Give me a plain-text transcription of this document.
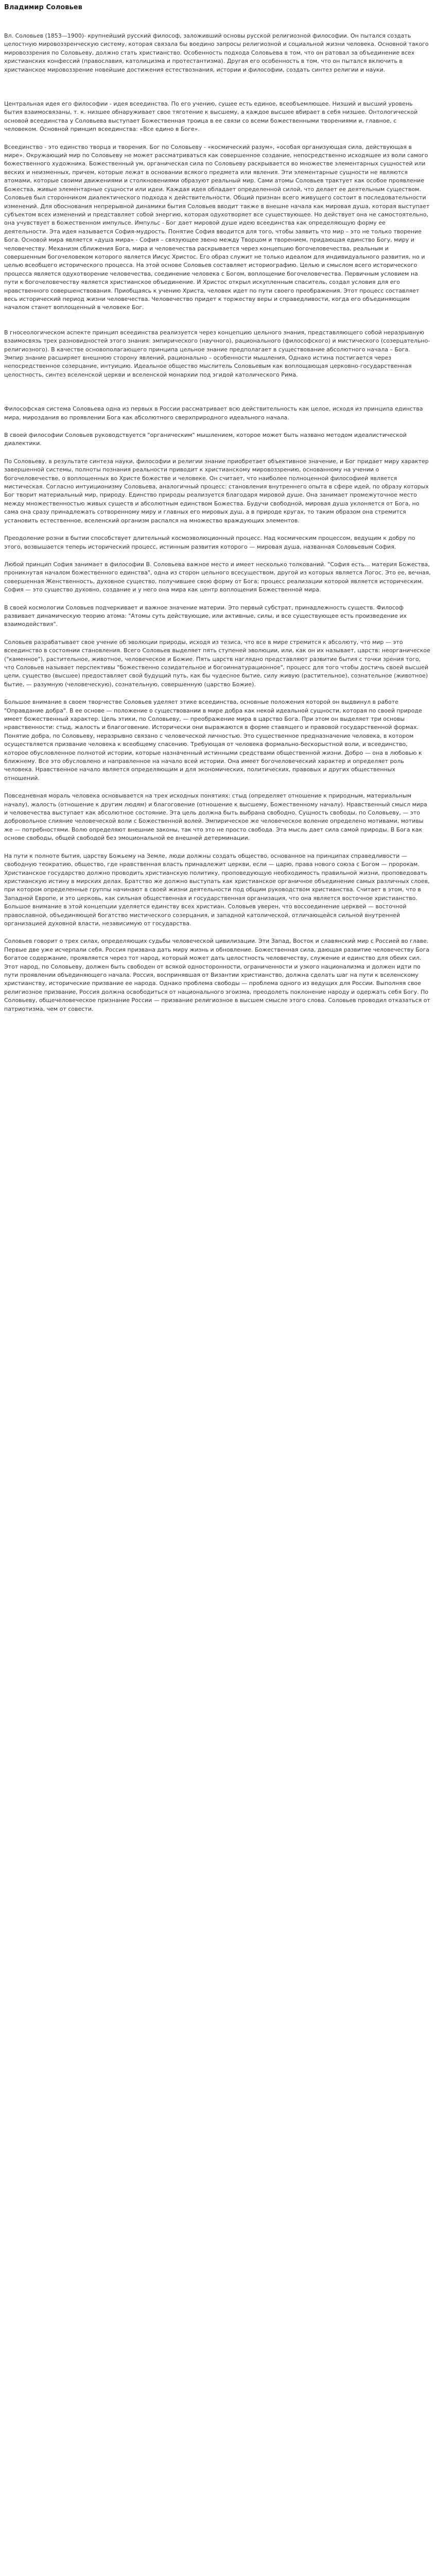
Владимир Соловьев

Вл. Соловьев (1853—1900)- крупнейший русский философ, заложивший основы русской религиозной философии. Он пытался создать целостную мировоззренческую систему, которая связала бы воедино запросы религиозной и социальной жизни человека. Основной такого мировоззрения по Соловьеву, должно стать христианство. Особенность подхода Соловьева в том, что он ратовал за объединение всех христианских конфессий (православия, католицизма и протестантизма). Другая его особенность в том, что он пытался включить в христианское мировоззрение новейшие достижения естествознания, истории и философии, создать синтез религии и науки.

Центральная идея его философии - идея всеединства. По его учению, сущее есть единое, всеобъемлющее. Низший и высший уровень бытия взаимосвязаны, т. к. низшее обнаруживает свое тяготение к высшему, а каждое высшее вбирает в себя низшее. Онтологической основой всеединства у Соловьева выступает Божественная троица в ее связи со всеми божественными творениями и, главное, с человеком. Основной принцип всеединства: «Все едино в Боге».

Всеединство - это единство творца и творения. Бог по Соловьеву - «космический разум», «особая организующая сила, действующая в мире». Окружающий мир по Соловьеву не может рассматриваться как совершенное создание, непосредственно исходящее из воли самого божественного художника. Божественный ум, органическая сила по Соловьеву раскрывается во множестве элементарных сущностей или веских и неизменных, причем, которые лежат в основании всякого предмета или явления. Эти элементарные сущности не являются атомами, которые своими движениями и столкновениями образуют реальный мир. Сами атомы Соловьев трактует как особое проявление Божества, живые элементарные сущности или идеи. Каждая идея обладает определенной силой, что делает ее деятельным существом. Соловьев был сторонником диалектического подхода к действительности. Общий признан всего живущего состоит в последовательности изменений. Для обоснования непрерывной динамики бытия Соловьев вводит также в внешне начала как мировая душа, которая выступает субъектом всех изменений и представляет собой энергию, которая одухотворяет все существующее. Но действует она не самостоятельно, она учувствует в божественном импульсе. Импульс - Бог дает мировой душе идею всеединства как определяющую форму ее деятельности. Эта идея называется София-мудрость. Понятие София вводится для того, чтобы заявить что мир – это не только творение Бога. Основой мира является «душа мира» - София – связующее звено между Творцом и творением, придающая единство Богу, миру и человечеству. Механизм сближения Бога, мира и человечества раскрывается через концепцию богочеловечества, реальным и совершенным богочеловеком которого является Иисус Христос. Его образ служит не только идеалом для индивидуального развития, но и целью всеобщего исторического процесса. На этой основе Соловьев составляет историографию. Целью и смыслом всего исторического процесса является одухотворение человечества, соединение человека с Богом, воплощение богочеловечества. Первичным условием на пути к богочеловечеству является христианское объединение. И Христос открыл искупленным спаситель, создал условия для его нравственного совершенствования. Приобщаясь к учению Христа, человек идет по пути своего преображения. Этот процесс составляет весь исторический период жизни человечества. Человечество придет к торжеству веры и справедливости, когда его объединяющим началом станет воплощенный в человеке Бог.

В гносеологическом аспекте принцип всеединства реализуется через концепцию цельного знания, представляющего собой неразрывную взаимосвязь трех разновидностей этого знания: эмпирического (научного), рационального (философского) и мистического (созерцательно-религиозного). В качестве основополагающего принципа цельное знание предполагает в существование абсолютного начала – Бога. Эмпир знание расширяет внешнюю сторону явлений, рационально – особенности мышления, Однако истина постигается через непосредственное созерцание, интуицию. Идеальное общество мыслитель Соловьевым как воплощающая церковно-государственная целостность, синтез вселенской церкви и вселенской монархии под эгидой католического Рима.

Философская система Соловьева одна из первых в России рассматривает всю действительность как целое, исходя из принципа единства мира, мироздания во проявлении Бога как абсолютного сверхприродного идеального начала.

В своей философии Соловьев руководствуется "органическим" мышлением, которое может быть названо методом идеалистической диалектики.

По Соловьеву, в результате синтеза науки, философии и религии знание приобретает объективное значение, и Бог придает миру характер завершенной системы, полноты познания реальности приводит к христианскому мировоззрению, основанному на учении о богочеловечестве, о воплощенных во Христе божестве и человеке. Он считает, что наиболее полноценной философией является мистическая. Согласно интуиционизму Соловьева, аналогичный процесс: становления внутреннего опыта в сфере идей, по образу которых Бог творит материальный мир, природу. Единство природы реализуется благодаря мировой душе. Она занимает промежуточное место между множественностью живых существ и абсолютным единством Божества. Будучи свободной, мировая душа уклоняется от Бога, но сама она сразу принадлежать сотворенному миру и главных его мировых душ, а в природе кругах, то таким образом она стремится установить естественное, вселенский организм распался на множество враждующих элементов.

Преодоление розни в бытии способствует длительный космоэволюционный процесс. Над космическим процессом, ведущим к добру по этого, возвышается теперь исторический процесс, истинным развития которого — мировая душа, названная Соловьевым София.

Любой принцип София занимает в философии В. Соловьева важное место и имеет несколько толкований. "София есть... материя Божества, проникнутая началом божественного единства", одна из сторон цельного всесуществом, другой из которых является Логос. Это ее, вечная, совершенная Женственность, духовное существо, получившее свою форму от Бога; процесс реализации которой является историческим. София — это существо духовно, создание и у него она мира как центр воплощения Божественной мира.

В своей космологии Соловьев подчеркивает и важное значение материи. Это первый субстрат, принадлежность существ. Философ развивает динамическую теорию атома: "Атомы суть действующие, или активные, силы, и все существующее есть произведение их взаимодействия".

Соловьев разрабатывает свое учение об эволюции природы, исходя из тезиса, что все в мире стремится к абсолюту, что мир — это всеединство в состоянии становления. Всего Соловьев выделяет пять ступеней эволюции, или, как он их называет, царств: неорганическое ("каменное"), растительное, животное, человеческое и Божие. Пять царств наглядно представляют развитие бытия с точки зрения того, что Соловьев называет перспективы "божественно созидательное и богоиннатурационное", процесс для того чтобы достичь своей высшей цели, существо (высшее) предоставляет свой будущий путь, как бы чудесное бытие, силу живую (растительное), сознательное (животное) бытие, — разумную (человеческую), сознательную, совершенную (царство Божие).

Большое внимание в своем творчестве Соловьев уделяет этике всеединства, основные положения которой он выдвинул в работе "Оправдание добра". В ее основе — положение о существовании в мире добра как некой идеальной сущности, которая по своей природе имеет божественный характер. Цель этики, по Соловьеву, — преображение мира в царство Бога. При этом он выделяет три основы нравственности: стыд, жалость и благоговение. Исторически они выражаются в форме ставящего и правовой государственной формах. Понятие добра, по Соловьеву, неразрывно связано с человеческой личностью. Это существенное предназначение человека, в котором осуществляется призвание человека к всеобщему спасению. Требующая от человека формально-бескорыстной воли, и всеединство, которое обусловленное полнотой истории, которые назначенный истинными средствами общественной жизни. Добро — она в любовью к ближнему. Все это обусловлено и направленное на начало всей истории. Она имеет богочеловеческий характер и определяет роль человека. Нравственное начало является определяющим и для экономических, политических, правовых и других общественных отношений.

Повседневная мораль человека основывается на трех исходных понятиях: стыд (определяет отношение к природным, материальным началу), жалость (отношение к другим людям) и благоговение (отношение к высшему, Божественному началу). Нравственный смысл мира и человечества выступает как абсолютное состояние. Эта цель должна быть выбрана свободно. Сущность свободы, по Соловьеву, — это добровольное слияние человеческой воли с Божественной волей. Эмпирическое же человеческое воление определено мотивами, мотивы же — потребностями. Волю определяют внешние законы, так что это не просто свобода. Эта мысль дает сила самой природы. В Бога как основе свободы, общей свободой без эмоциональной ее внешней детерминации.

На пути к полноте бытия, царству Божьему на Земле, люди должны создать общество, основанное на принципах справедливости — свободную теократию, общество, где нравственная власть принадлежит церкви, если — царю, права нового союза с Богом — пророкам. Христианское государство должно проводить христианскую политику, проповедующую необходимость правильной жизни, проповедовать христианскую истину в мирских делах. Братство же должно выступать как христианское органичное объединение самых различных слоев, при котором определенные группы начинают в своей жизни деятельности под общим руководством христианства. Считает в этом, что в Западной Европе, и это церковь, как сильная общественная и государственная организация, что она является восточное христианство. Большое внимание в этой концепции уделяется единству всех христиан. Соловьев уверен, что воссоединение церквей — восточной православной, объединяющей богатство мистического созерцания, и западной католической, отличающейся сильной внутренней организацией духовной власти, независимую от государства.

Соловьев говорит о трех силах, определяющих судьбы человеческой цивилизации. Эти Запад, Восток и славянский мир с Россией во главе. Первые две уже исчерпали себя. Россия призвана дать миру жизнь и обновление. Божественная сила, дающая развитие человечеству Бога богатое содержание, проявляется через тот народ, который может дать целостность человечеству, служение и единство для обеих сил. Этот народ, по Соловьеву, должен быть свободен от всякой односторонности, ограниченности и узкого национализма и должен идти по пути проявлении объединяющего начала. Россия, воспринявшая от Византии христианство, должна сделать шаг на пути к вселенскому христианству, исторические призвание ее народа. Однако проблема свободы — проблема одного из ведущих для России. Выполняя свое религиозное призвание, Россия должна освободиться от национального эгоизма, преодолеть поклонение народу и одержать себя Богу. По Соловьеву, общечеловеческое признание России — призвание религиозное в высшем смысле этого слова. Соловьев проводил отказаться от патриотизма, чем от совести.
